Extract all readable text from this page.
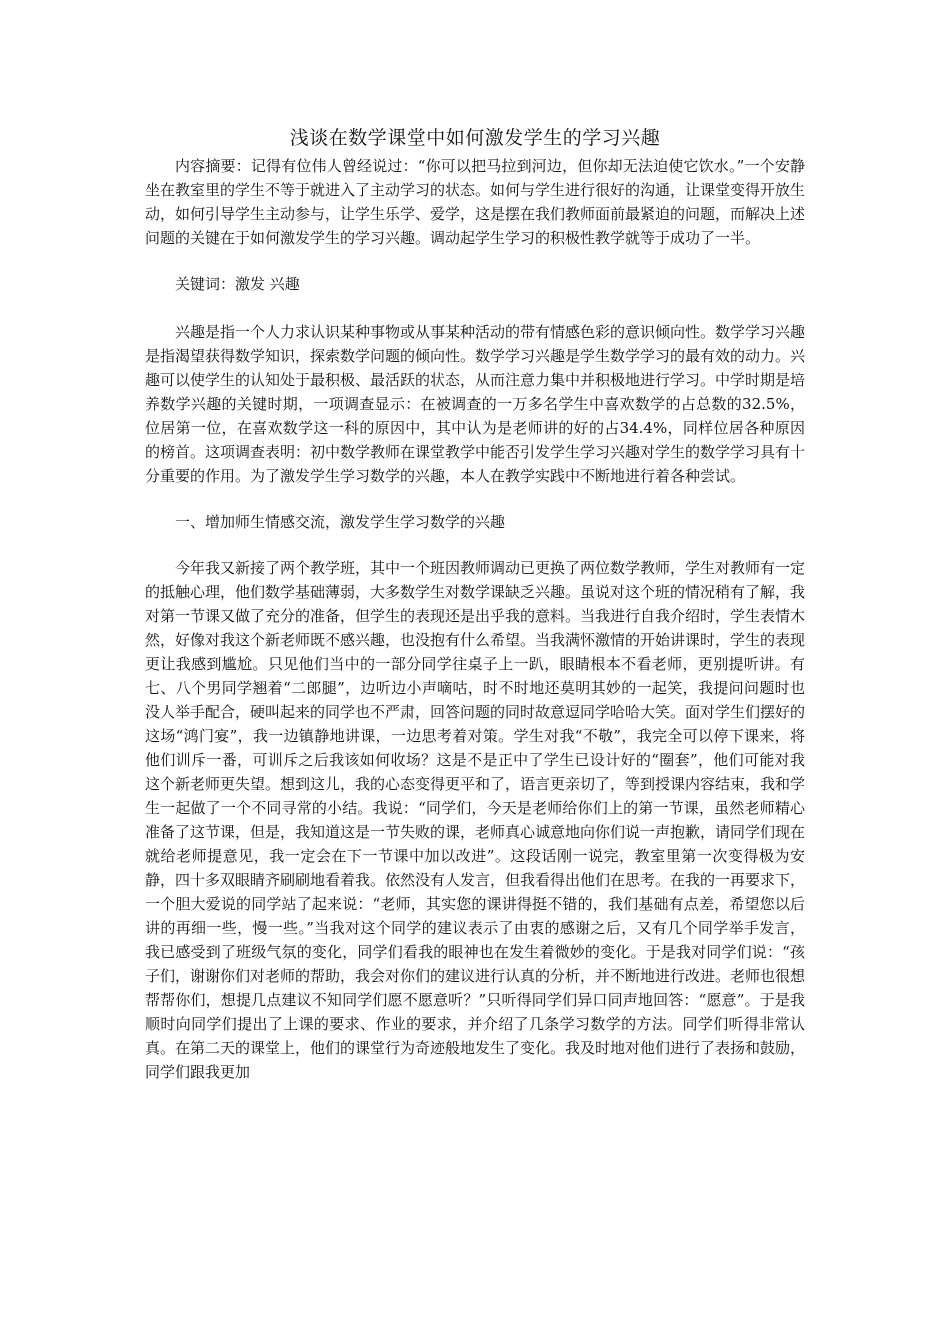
浅谈在数学课堂中如何激发学生的学习兴趣

内容摘要：记得有位伟人曾经说过：“你可以把马拉到河边，但你却无法迫使它饮水。”一个安静坐在教室里的学生不等于就进入了主动学习的状态。如何与学生进行很好的沟通，让课堂变得开放生动，如何引导学生主动参与，让学生乐学、爱学，这是摆在我们教师面前最紧迫的问题，而解决上述问题的关键在于如何激发学生的学习兴趣。调动起学生学习的积极性教学就等于成功了一半。

关键词：激发 兴趣

兴趣是指一个人力求认识某种事物或从事某种活动的带有情感色彩的意识倾向性。数学学习兴趣是指渴望获得数学知识，探索数学问题的倾向性。数学学习兴趣是学生数学学习的最有效的动力。兴趣可以使学生的认知处于最积极、最活跃的状态，从而注意力集中并积极地进行学习。中学时期是培养数学兴趣的关键时期，一项调查显示：在被调查的一万多名学生中喜欢数学的占总数的32.5%，位居第一位，在喜欢数学这一科的原因中，其中认为是老师讲的好的占34.4%，同样位居各种原因的榜首。这项调查表明：初中数学教师在课堂教学中能否引发学生学习兴趣对学生的数学学习具有十分重要的作用。为了激发学生学习数学的兴趣，本人在教学实践中不断地进行着各种尝试。

一、增加师生情感交流，激发学生学习数学的兴趣

今年我又新接了两个教学班，其中一个班因教师调动已更换了两位数学教师，学生对教师有一定的抵触心理，他们数学基础薄弱，大多数学生对数学课缺乏兴趣。虽说对这个班的情况稍有了解，我对第一节课又做了充分的准备，但学生的表现还是出乎我的意料。当我进行自我介绍时，学生表情木然，好像对我这个新老师既不感兴趣，也没抱有什么希望。当我满怀激情的开始讲课时，学生的表现更让我感到尴尬。只见他们当中的一部分同学往桌子上一趴，眼睛根本不看老师，更别提听讲。有七、八个男同学翘着“二郎腿”，边听边小声嘀咕，时不时地还莫明其妙的一起笑，我提问问题时也没人举手配合，硬叫起来的同学也不严肃，回答问题的同时故意逗同学哈哈大笑。面对学生们摆好的这场“鸿门宴”，我一边镇静地讲课，一边思考着对策。学生对我“不敬”，我完全可以停下课来，将他们训斥一番，可训斥之后我该如何收场？这是不是正中了学生已设计好的“圈套”，他们可能对我这个新老师更失望。想到这儿，我的心态变得更平和了，语言更亲切了，等到授课内容结束，我和学生一起做了一个不同寻常的小结。我说：“同学们，今天是老师给你们上的第一节课，虽然老师精心准备了这节课，但是，我知道这是一节失败的课，老师真心诚意地向你们说一声抱歉，请同学们现在就给老师提意见，我一定会在下一节课中加以改进”。这段话刚一说完，教室里第一次变得极为安静，四十多双眼睛齐刷刷地看着我。依然没有人发言，但我看得出他们在思考。在我的一再要求下，一个胆大爱说的同学站了起来说：“老师，其实您的课讲得挺不错的，我们基础有点差，希望您以后讲的再细一些，慢一些。”当我对这个同学的建议表示了由衷的感谢之后，又有几个同学举手发言，我已感受到了班级气氛的变化，同学们看我的眼神也在发生着微妙的变化。于是我对同学们说：“孩子们，谢谢你们对老师的帮助，我会对你们的建议进行认真的分析，并不断地进行改进。老师也很想帮帮你们，想提几点建议不知同学们愿不愿意听？”只听得同学们异口同声地回答：“愿意”。于是我顺时向同学们提出了上课的要求、作业的要求，并介绍了几条学习数学的方法。同学们听得非常认真。在第二天的课堂上，他们的课堂行为奇迹般地发生了变化。我及时地对他们进行了表扬和鼓励，同学们跟我更加
